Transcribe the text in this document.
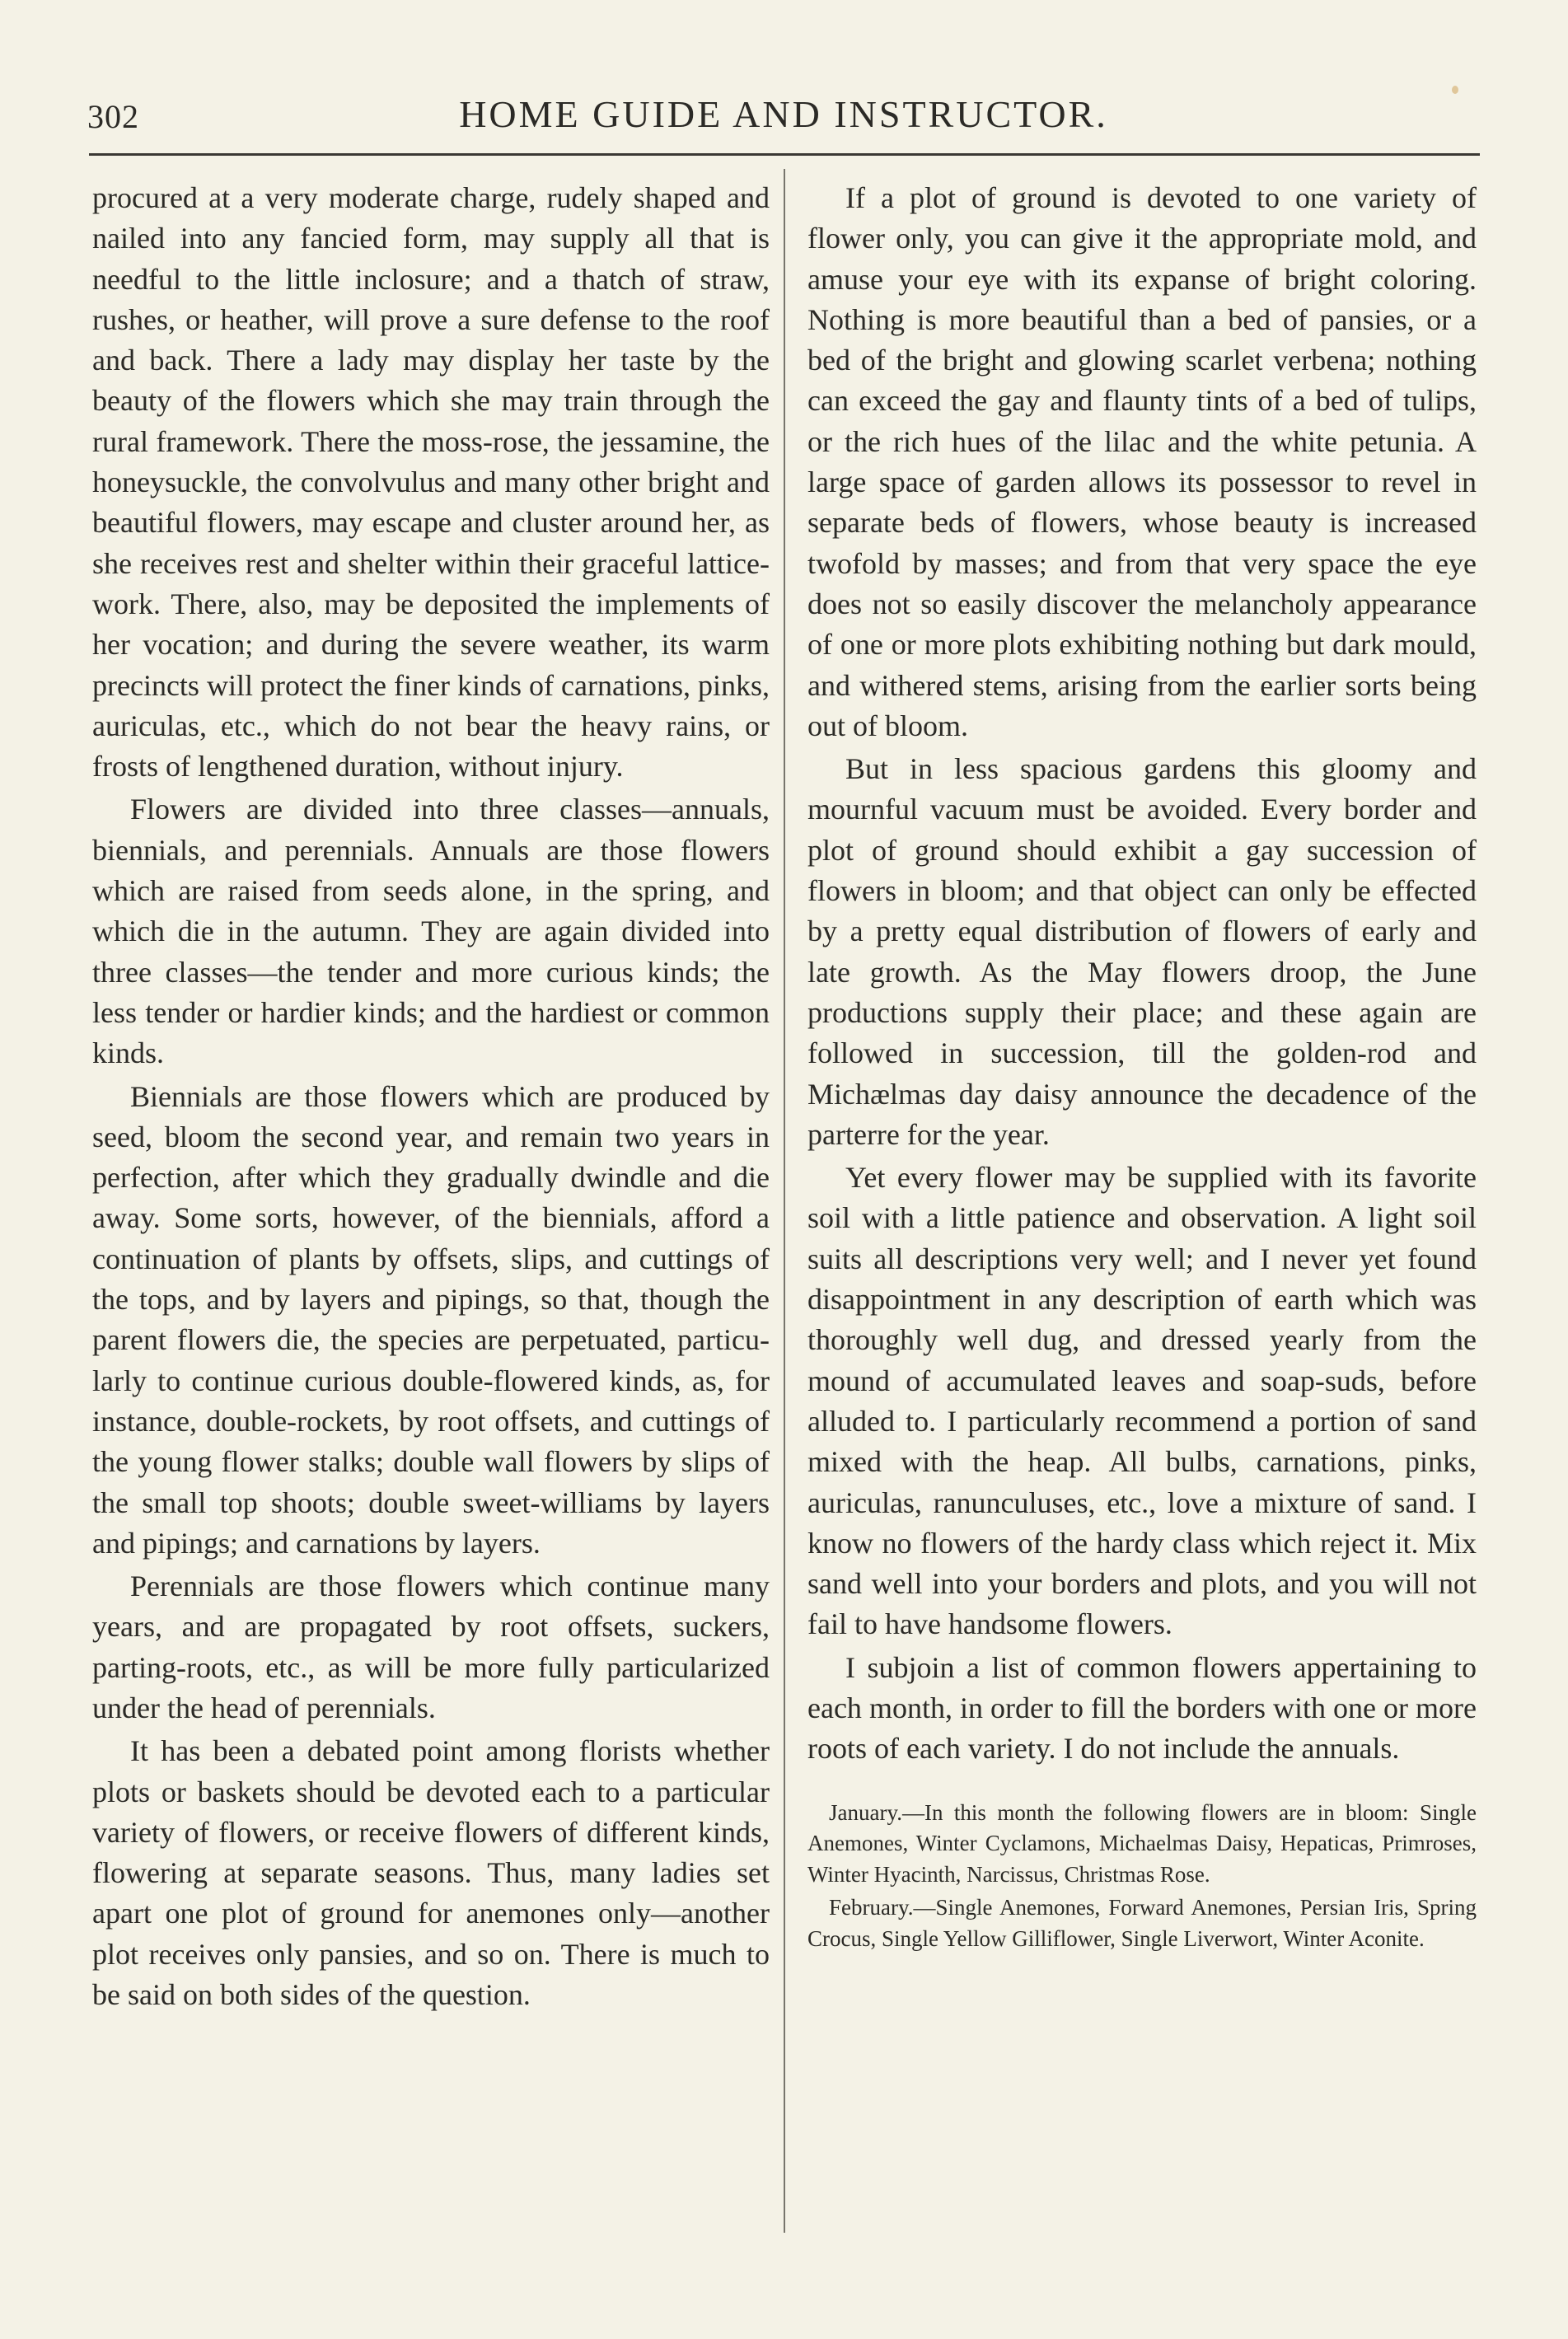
302	HOME GUIDE AND INSTRUCTOR.

procured at a very moderate charge, rudely shaped and nailed into any fancied form, may supply all that is needful to the little inclosure; and a thatch of straw, rushes, or heather, will prove a sure defense to the roof and back. There a lady may display her taste by the beauty of the flowers which she may train through the rural framework. There the moss-rose, the jessamine, the honeysuckle, the convolvulus and many other bright and beautiful flowers, may escape and cluster around her, as she receives rest and shelter within their graceful lattice-work. There, also, may be deposited the implements of her vocation; and during the severe weather, its warm precincts will protect the finer kinds of carnations, pinks, auriculas, etc., which do not bear the heavy rains, or frosts of lengthened duration, without injury.

Flowers are divided into three classes—annuals, biennials, and perennials. Annuals are those flowers which are raised from seeds alone, in the spring, and which die in the autumn. They are again divided into three classes—the tender and more curious kinds; the less tender or hardier kinds; and the hardiest or common kinds.

Biennials are those flowers which are produced by seed, bloom the second year, and remain two years in perfection, after which they gradually dwindle and die away. Some sorts, however, of the biennials, afford a continuation of plants by offsets, slips, and cuttings of the tops, and by layers and pipings, so that, though the parent flowers die, the species are perpetuated, particularly to continue curious double-flowered kinds, as, for instance, double-rockets, by root offsets, and cuttings of the young flower stalks; double wall flowers by slips of the small top shoots; double sweet-williams by layers and pipings; and carnations by layers.

Perennials are those flowers which continue many years, and are propagated by root offsets, suckers, parting-roots, etc., as will be more fully particularized under the head of perennials.

It has been a debated point among florists whether plots or baskets should be devoted each to a particular variety of flowers, or receive flowers of different kinds, flowering at separate seasons. Thus, many ladies set apart one plot of ground for anemones only—another plot receives only pansies, and so on. There is much to be said on both sides of the question.

If a plot of ground is devoted to one variety of flower only, you can give it the appropriate mold, and amuse your eye with its expanse of bright coloring. Nothing is more beautiful than a bed of pansies, or a bed of the bright and glowing scarlet verbena; nothing can exceed the gay and flaunty tints of a bed of tulips, or the rich hues of the lilac and the white petunia. A large space of garden allows its possessor to revel in separate beds of flowers, whose beauty is increased twofold by masses; and from that very space the eye does not so easily discover the melancholy appearance of one or more plots exhibiting nothing but dark mould, and withered stems, arising from the earlier sorts being out of bloom.

But in less spacious gardens this gloomy and mournful vacuum must be avoided. Every border and plot of ground should exhibit a gay succession of flowers in bloom; and that object can only be effected by a pretty equal distribution of flowers of early and late growth. As the May flowers droop, the June productions supply their place; and these again are followed in succession, till the golden-rod and Michælmas day daisy announce the decadence of the parterre for the year.

Yet every flower may be supplied with its favorite soil with a little patience and observation. A light soil suits all descriptions very well; and I never yet found disappointment in any description of earth which was thoroughly well dug, and dressed yearly from the mound of accumulated leaves and soap-suds, before alluded to. I particularly recommend a portion of sand mixed with the heap. All bulbs, carnations, pinks, auriculas, ranunculuses, etc., love a mixture of sand. I know no flowers of the hardy class which reject it. Mix sand well into your borders and plots, and you will not fail to have handsome flowers.

I subjoin a list of common flowers appertaining to each month, in order to fill the borders with one or more roots of each variety. I do not include the annuals.

January.—In this month the following flowers are in bloom: Single Anemones, Winter Cyclamons, Michaelmas Daisy, Hepaticas, Primroses, Winter Hyacinth, Narcissus, Christmas Rose.

February.—Single Anemones, Forward Anemones, Persian Iris, Spring Crocus, Single Yellow Gilliflower, Single Liverwort, Winter Aconite.
